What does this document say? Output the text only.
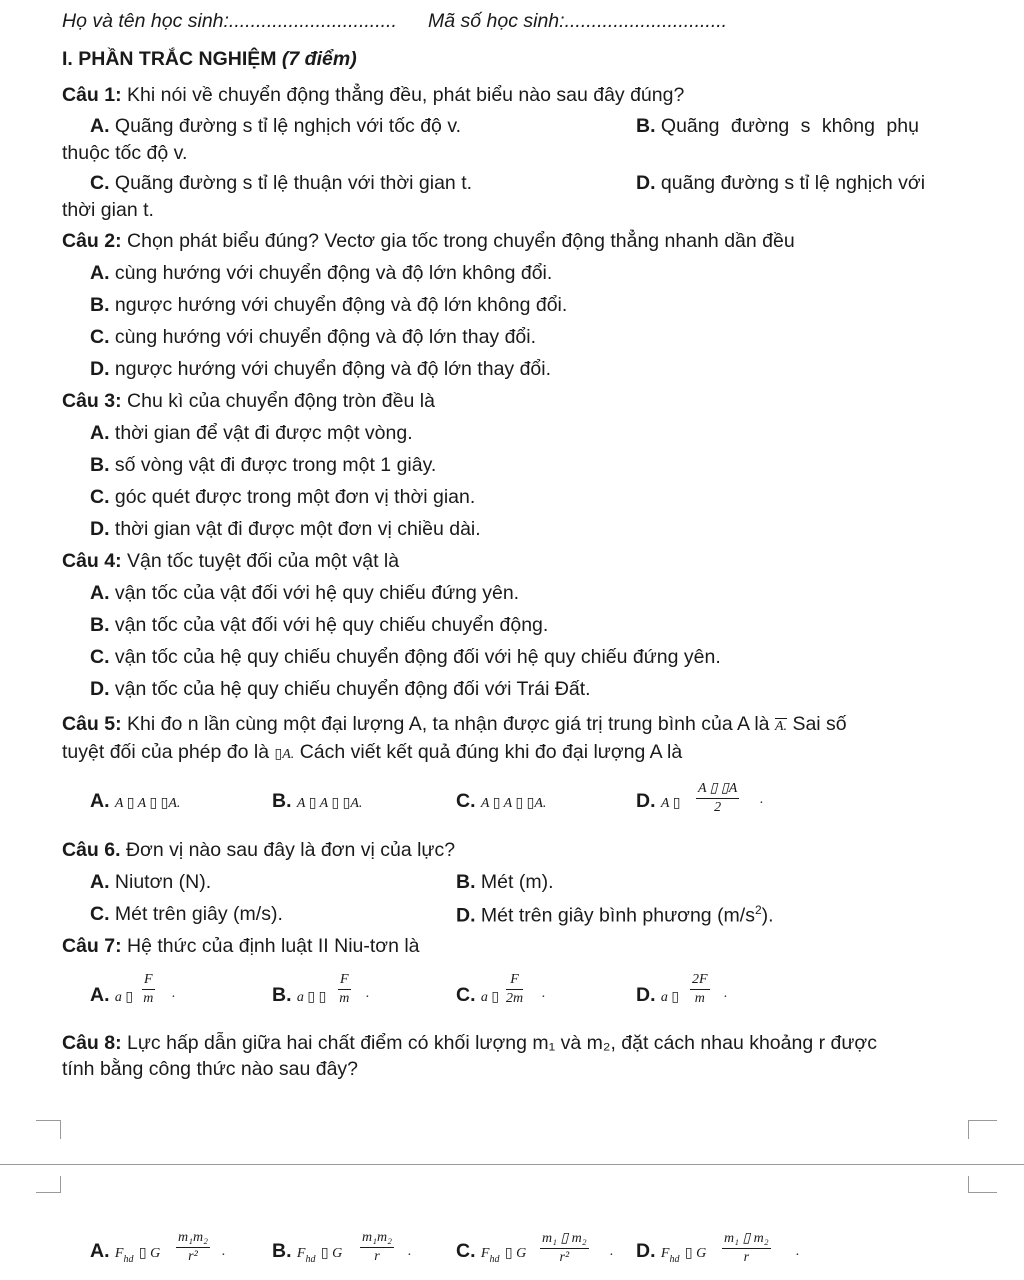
Họ và tên học sinh:............................... Mã số học sinh:..............................
I. PHẦN TRẮC NGHIỆM (7 điểm)
Câu 1: Khi nói về chuyển động thẳng đều, phát biểu nào sau đây đúng?
A. Quãng đường s tỉ lệ nghịch với tốc độ v.	B. Quãng đường s không phụ
thuộc tốc độ v.
C. Quãng đường s tỉ lệ thuận với thời gian t.	D. quãng đường s tỉ lệ nghịch với
thời gian t.
Câu 2: Chọn phát biểu đúng? Vectơ gia tốc trong chuyển động thẳng nhanh dần đều
A. cùng hướng với chuyển động và độ lớn không đổi.
B. ngược hướng với chuyển động và độ lớn không đổi.
C. cùng hướng với chuyển động và độ lớn thay đổi.
D. ngược hướng với chuyển động và độ lớn thay đổi.
Câu 3: Chu kì của chuyển động tròn đều là
A. thời gian để vật đi được một vòng.
B. số vòng vật đi được trong một 1 giây.
C. góc quét được trong một đơn vị thời gian.
D. thời gian vật đi được một đơn vị chiều dài.
Câu 4: Vận tốc tuyệt đối của một vật là
A. vận tốc của vật đối với hệ quy chiếu đứng yên.
B. vận tốc của vật đối với hệ quy chiếu chuyển động.
C. vận tốc của hệ quy chiếu chuyển động đối với hệ quy chiếu đứng yên.
D. vận tốc của hệ quy chiếu chuyển động đối với Trái Đất.
Câu 5: Khi đo n lần cùng một đại lượng A, ta nhận được giá trị trung bình của A là A. Sai số
tuyệt đối của phép đo là ▯A. Cách viết kết quả đúng khi đo đại lượng A là
A. A ▯ A ▯ ▯A.	B. A ▯ A ▯ ▯A.	C. A ▯ A ▯ ▯A.	D. A ▯
A ▯ ▯A
2
.
Câu 6. Đơn vị nào sau đây là đơn vị của lực?
A. Niutơn (N).	B. Mét (m).
C. Mét trên giây (m/s).	D. Mét trên giây bình phương $(m/s^2)$.
Câu 7: Hệ thức của định luật II Niu-tơn là
A. a ▯
F
m .	B. a ▯ ▯
F
m .	C. a ▯
F
2m .	D. a ▯
2F
m	.
Câu 8: Lực hấp dẫn giữa hai chất điểm có khối lượng m₁ và m₂, đặt cách nhau khoảng r được
tính bằng công thức nào sau đây?
A. $F_{hd}$ ▯ G
m₁m₂
r²	. B. $F_{hd}$ ▯ G
m₁m₂
r	. C. $F_{hd}$ ▯ G
m₁ ▯ m₂
r²	. D. $F_{hd}$ ▯ G
m₁ ▯ m₂
r	.
